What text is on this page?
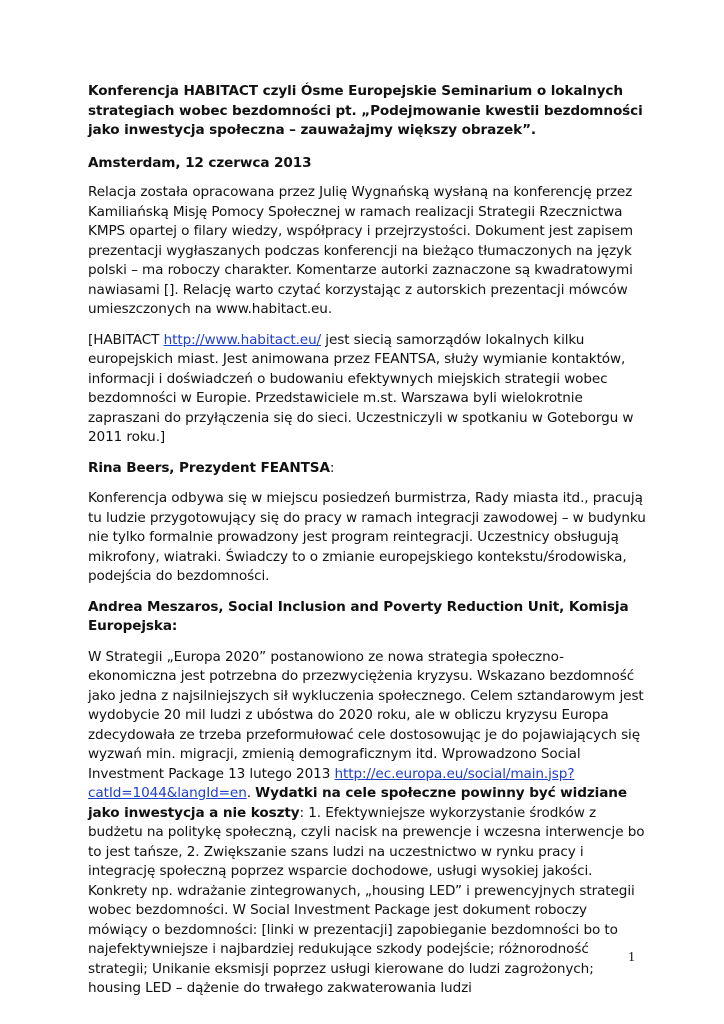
Konferencja HABITACT czyli Ósme Europejskie Seminarium o lokalnych strategiach wobec bezdomności pt. „Podejmowanie kwestii bezdomności jako inwestycja społeczna – zauważajmy większy obrazek”.

Amsterdam, 12 czerwca 2013

Relacja została opracowana przez Julię Wygnańską wysłaną na konferencję przez Kamiliańską Misję Pomocy Społecznej w ramach realizacji Strategii Rzecznictwa KMPS opartej o filary wiedzy, współpracy i przejrzystości. Dokument jest zapisem prezentacji wygłaszanych podczas konferencji na bieżąco tłumaczonych na język polski – ma roboczy charakter. Komentarze autorki zaznaczone są kwadratowymi nawiasami []. Relację warto czytać korzystając z autorskich prezentacji mówców umieszczonych na www.habitact.eu.

[HABITACT http://www.habitact.eu/ jest siecią samorządów lokalnych kilku europejskich miast. Jest animowana przez FEANTSA, służy wymianie kontaktów, informacji i doświadczeń o budowaniu efektywnych miejskich strategii wobec bezdomności w Europie. Przedstawiciele m.st. Warszawa byli wielokrotnie zapraszani do przyłączenia się do sieci. Uczestniczyli w spotkaniu w Goteborgu w 2011 roku.]

Rina Beers, Prezydent FEANTSA:

Konferencja odbywa się w miejscu posiedzeń burmistrza, Rady miasta itd., pracują tu ludzie przygotowujący się do pracy w ramach integracji zawodowej – w budynku nie tylko formalnie prowadzony jest program reintegracji. Uczestnicy obsługują mikrofony, wiatraki. Świadczy to o zmianie europejskiego kontekstu/środowiska, podejścia do bezdomności.

Andrea Meszaros, Social Inclusion and Poverty Reduction Unit, Komisja Europejska:

W Strategii „Europa 2020” postanowiono ze nowa strategia społeczno-ekonomiczna jest potrzebna do przezwyciężenia kryzysu. Wskazano bezdomność jako jedna z najsilniejszych sił wykluczenia społecznego. Celem sztandarowym jest wydobycie 20 mil ludzi z ubóstwa do 2020 roku, ale w obliczu kryzysu Europa zdecydowała ze trzeba przeformułować cele dostosowując je do pojawiających się wyzwań min. migracji, zmienią demograficznym itd. Wprowadzono Social Investment Package 13 lutego 2013 http://ec.europa.eu/social/main.jsp?catId=1044&langId=en. Wydatki na cele społeczne powinny być widziane jako inwestycja a nie koszty: 1. Efektywniejsze wykorzystanie środków z budżetu na politykę społeczną, czyli nacisk na prewencje i wczesna interwencje bo to jest tańsze, 2. Zwiększanie szans ludzi na uczestnictwo w rynku pracy i integrację społeczną poprzez wsparcie dochodowe, usługi wysokiej jakości. Konkrety np. wdrażanie zintegrowanych, „housing LED” i prewencyjnych strategii wobec bezdomności. W Social Investment Package jest dokument roboczy mówiący o bezdomności: [linki w prezentacji] zapobieganie bezdomności bo to najefektywniejsze i najbardziej redukujące szkody podejście; różnorodność strategii; Unikanie eksmisji poprzez usługi kierowane do ludzi zagrożonych; housing LED – dążenie do trwałego zakwaterowania ludzi

1
